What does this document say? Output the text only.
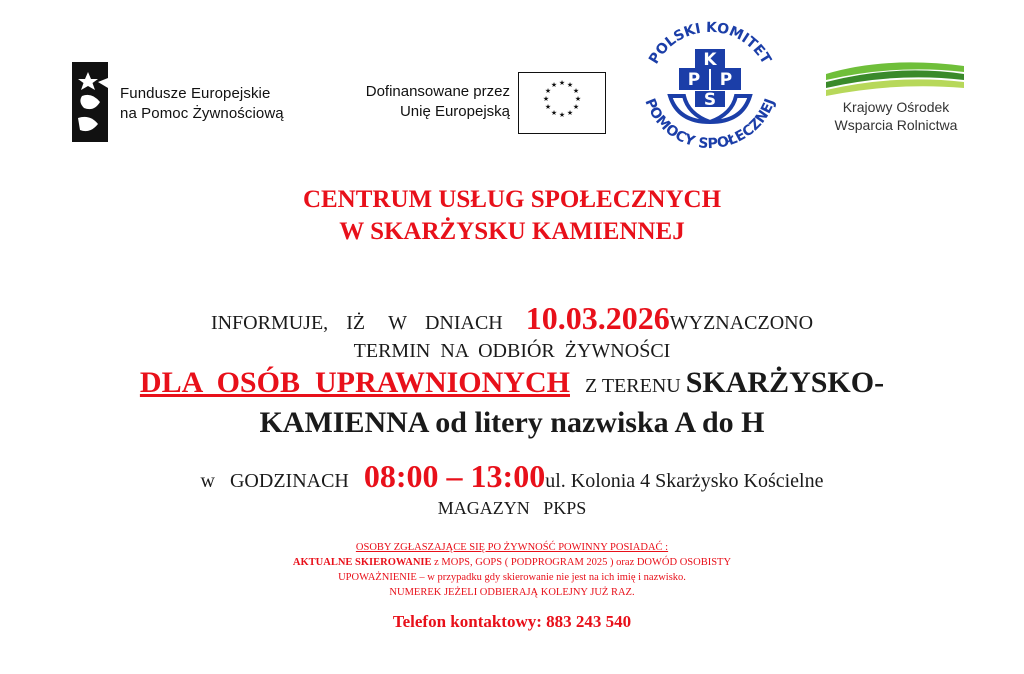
Fundusze Europejskie
na Pomoc Żywnościową
Dofinansowane przez
Unię Europejską
★ ★
★
★
★
★
★
★
★
★
★
★
POLSKI KOMITET
POMOCY SPOŁECZNEJ
K
P P
S	Krajowy Ośrodek
Wsparcia Rolnictwa
CENTRUM USŁUG SPOŁECZNYCH
W SKARŻYSKU KAMIENNEJ
INFORMUJE, IŻ W DNIACH 10.03.2026WYZNACZONO
TERMIN  NA  ODBIÓR  ŻYWNOŚCI
DLA  OSÓB  UPRAWNIONYCH Z TERENU SKARŻYSKO-
KAMIENNA od litery nazwiska A do H
w GODZINACH 08:00 – 13:00ul. Kolonia 4 Skarżysko Kościelne
MAGAZYN   PKPS
OSOBY ZGŁASZAJĄCE SIĘ PO ŻYWNOŚĆ POWINNY POSIADAĆ :
AKTUALNE SKIEROWANIE z MOPS, GOPS ( PODPROGRAM 2025 ) oraz DOWÓD OSOBISTY
UPOWAŻNIENIE – w przypadku gdy skierowanie nie jest na ich imię i nazwisko.
NUMEREK JEŻELI ODBIERAJĄ KOLEJNY JUŻ RAZ.
Telefon kontaktowy: 883 243 540
